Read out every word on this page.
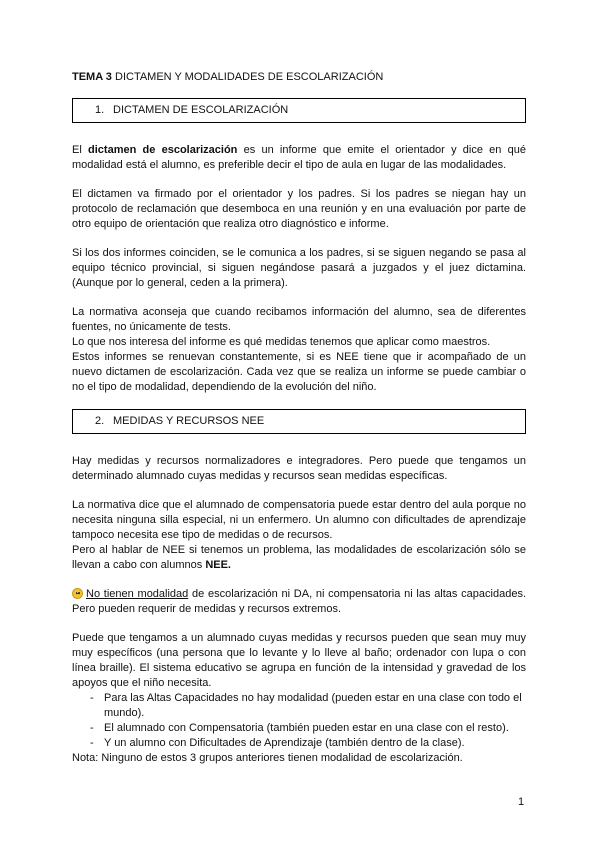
TEMA 3 DICTAMEN Y MODALIDADES DE ESCOLARIZACIÓN
1. DICTAMEN DE ESCOLARIZACIÓN
El dictamen de escolarización es un informe que emite el orientador y dice en qué modalidad está el alumno, es preferible decir el tipo de aula en lugar de las modalidades.
El dictamen va firmado por el orientador y los padres. Si los padres se niegan hay un protocolo de reclamación que desemboca en una reunión y en una evaluación por parte de otro equipo de orientación que realiza otro diagnóstico e informe.
Si los dos informes coinciden, se le comunica a los padres, si se siguen negando se pasa al equipo técnico provincial, si siguen negándose pasará a juzgados y el juez dictamina. (Aunque por lo general, ceden a la primera).
La normativa aconseja que cuando recibamos información del alumno, sea de diferentes fuentes, no únicamente de tests.
Lo que nos interesa del informe es qué medidas tenemos que aplicar como maestros.
Estos informes se renuevan constantemente, si es NEE tiene que ir acompañado de un nuevo dictamen de escolarización. Cada vez que se realiza un informe se puede cambiar o no el tipo de modalidad, dependiendo de la evolución del niño.
2. MEDIDAS Y RECURSOS NEE
Hay medidas y recursos normalizadores e integradores. Pero puede que tengamos un determinado alumnado cuyas medidas y recursos sean medidas específicas.
La normativa dice que el alumnado de compensatoria puede estar dentro del aula porque no necesita ninguna silla especial, ni un enfermero. Un alumno con dificultades de aprendizaje tampoco necesita ese tipo de medidas o de recursos.
Pero al hablar de NEE si tenemos un problema, las modalidades de escolarización sólo se llevan a cabo con alumnos NEE.
No tienen modalidad de escolarización ni DA, ni compensatoria ni las altas capacidades. Pero pueden requerir de medidas y recursos extremos.
Puede que tengamos a un alumnado cuyas medidas y recursos pueden que sean muy muy muy específicos (una persona que lo levante y lo lleve al baño; ordenador con lupa o con línea braille). El sistema educativo se agrupa en función de la intensidad y gravedad de los apoyos que el niño necesita.
- Para las Altas Capacidades no hay modalidad (pueden estar en una clase con todo el mundo).
- El alumnado con Compensatoria (también pueden estar en una clase con el resto).
- Y un alumno con Dificultades de Aprendizaje (también dentro de la clase).
Nota: Ninguno de estos 3 grupos anteriores tienen modalidad de escolarización.
1
